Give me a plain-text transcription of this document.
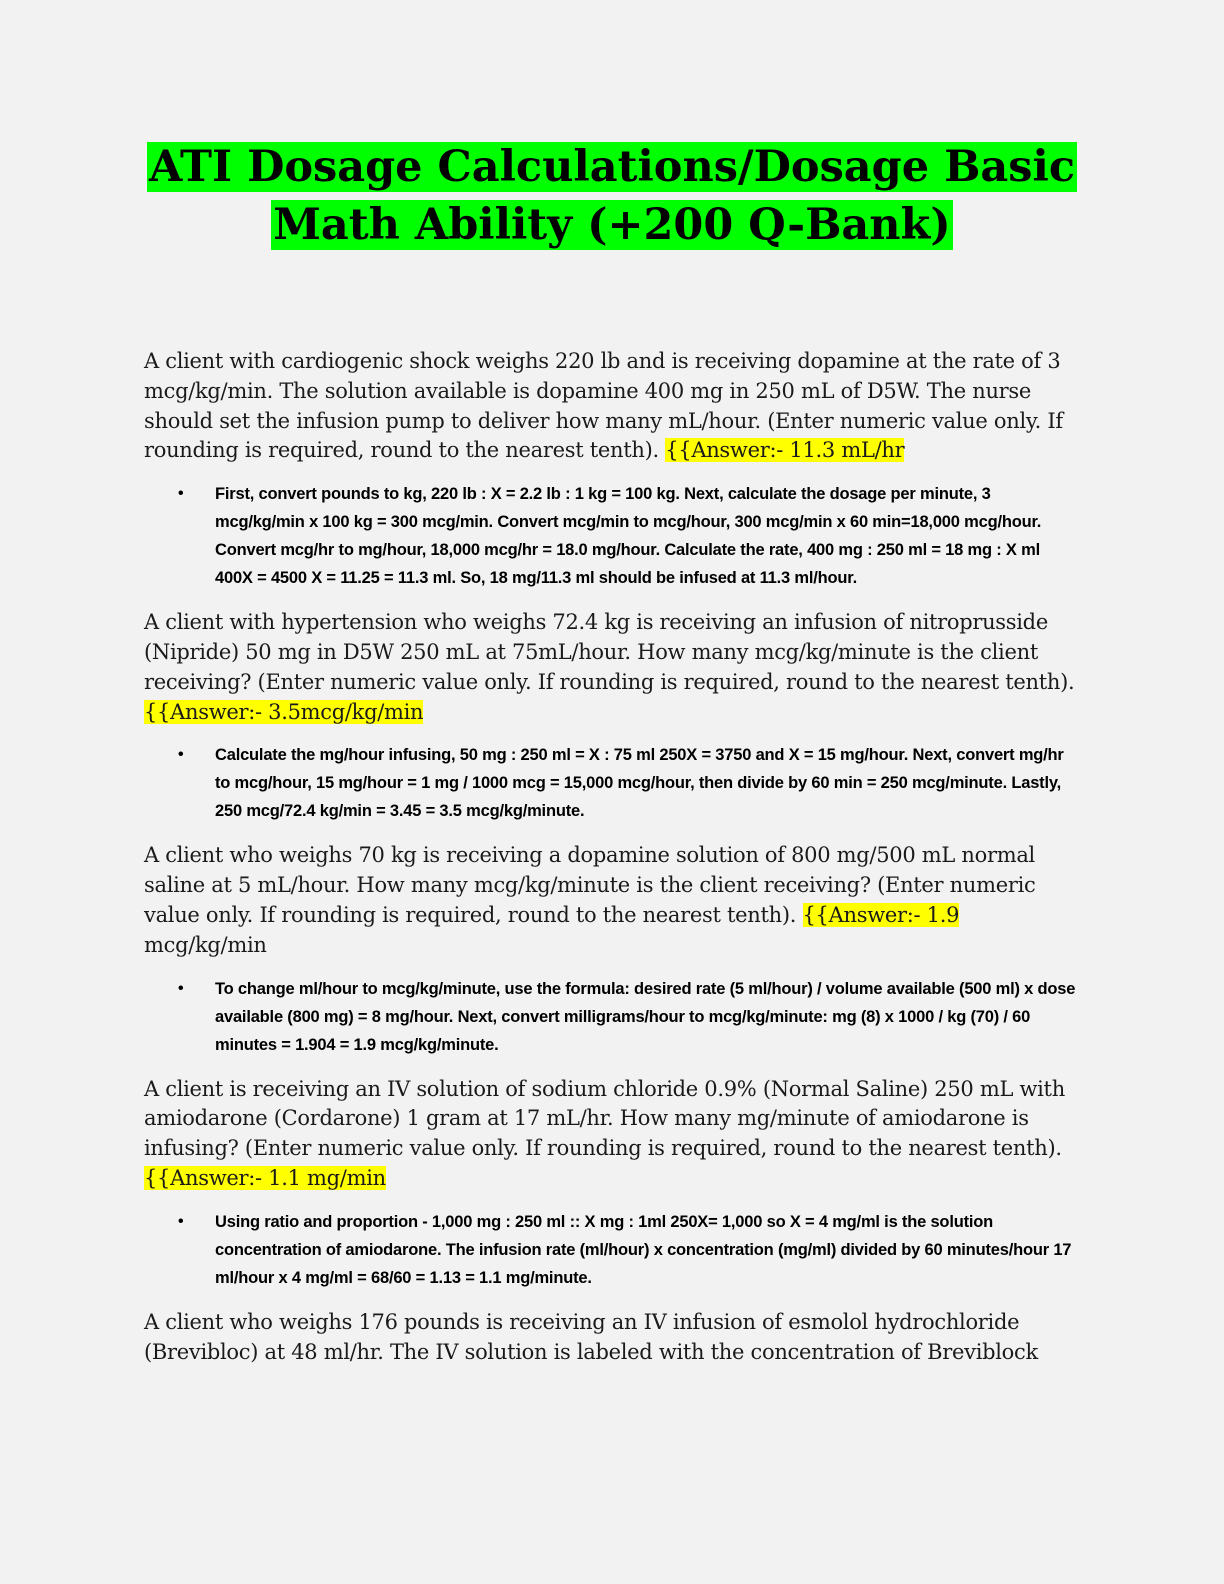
ATI Dosage Calculations/Dosage Basic
Math Ability (+200 Q-Bank)

A client with cardiogenic shock weighs 220 lb and is receiving dopamine at the rate of 3 mcg/kg/min. The solution available is dopamine 400 mg in 250 mL of D5W. The nurse should set the infusion pump to deliver how many mL/hour. (Enter numeric value only. If rounding is required, round to the nearest tenth). {{Answer:- 11.3 mL/hr

• First, convert pounds to kg, 220 lb : X = 2.2 lb : 1 kg = 100 kg. Next, calculate the dosage per minute, 3 mcg/kg/min x 100 kg = 300 mcg/min. Convert mcg/min to mcg/hour, 300 mcg/min x 60 min=18,000 mcg/hour. Convert mcg/hr to mg/hour, 18,000 mcg/hr = 18.0 mg/hour. Calculate the rate, 400 mg : 250 ml = 18 mg : X ml 400X = 4500 X = 11.25 = 11.3 ml. So, 18 mg/11.3 ml should be infused at 11.3 ml/hour.

A client with hypertension who weighs 72.4 kg is receiving an infusion of nitroprusside (Nipride) 50 mg in D5W 250 mL at 75mL/hour. How many mcg/kg/minute is the client receiving? (Enter numeric value only. If rounding is required, round to the nearest tenth). {{Answer:- 3.5mcg/kg/min

• Calculate the mg/hour infusing, 50 mg : 250 ml = X : 75 ml 250X = 3750 and X = 15 mg/hour. Next, convert mg/hr to mcg/hour, 15 mg/hour = 1 mg / 1000 mcg = 15,000 mcg/hour, then divide by 60 min = 250 mcg/minute. Lastly, 250 mcg/72.4 kg/min = 3.45 = 3.5 mcg/kg/minute.

A client who weighs 70 kg is receiving a dopamine solution of 800 mg/500 mL normal saline at 5 mL/hour. How many mcg/kg/minute is the client receiving? (Enter numeric value only. If rounding is required, round to the nearest tenth). {{Answer:- 1.9 mcg/kg/min

• To change ml/hour to mcg/kg/minute, use the formula: desired rate (5 ml/hour) / volume available (500 ml) x dose available (800 mg) = 8 mg/hour. Next, convert milligrams/hour to mcg/kg/minute: mg (8) x 1000 / kg (70) / 60 minutes = 1.904 = 1.9 mcg/kg/minute.

A client is receiving an IV solution of sodium chloride 0.9% (Normal Saline) 250 mL with amiodarone (Cordarone) 1 gram at 17 mL/hr. How many mg/minute of amiodarone is infusing? (Enter numeric value only. If rounding is required, round to the nearest tenth). {{Answer:- 1.1 mg/min

• Using ratio and proportion - 1,000 mg : 250 ml :: X mg : 1ml 250X= 1,000 so X = 4 mg/ml is the solution concentration of amiodarone. The infusion rate (ml/hour) x concentration (mg/ml) divided by 60 minutes/hour 17 ml/hour x 4 mg/ml = 68/60 = 1.13 = 1.1 mg/minute.

A client who weighs 176 pounds is receiving an IV infusion of esmolol hydrochloride (Brevibloc) at 48 ml/hr. The IV solution is labeled with the concentration of Breviblock
